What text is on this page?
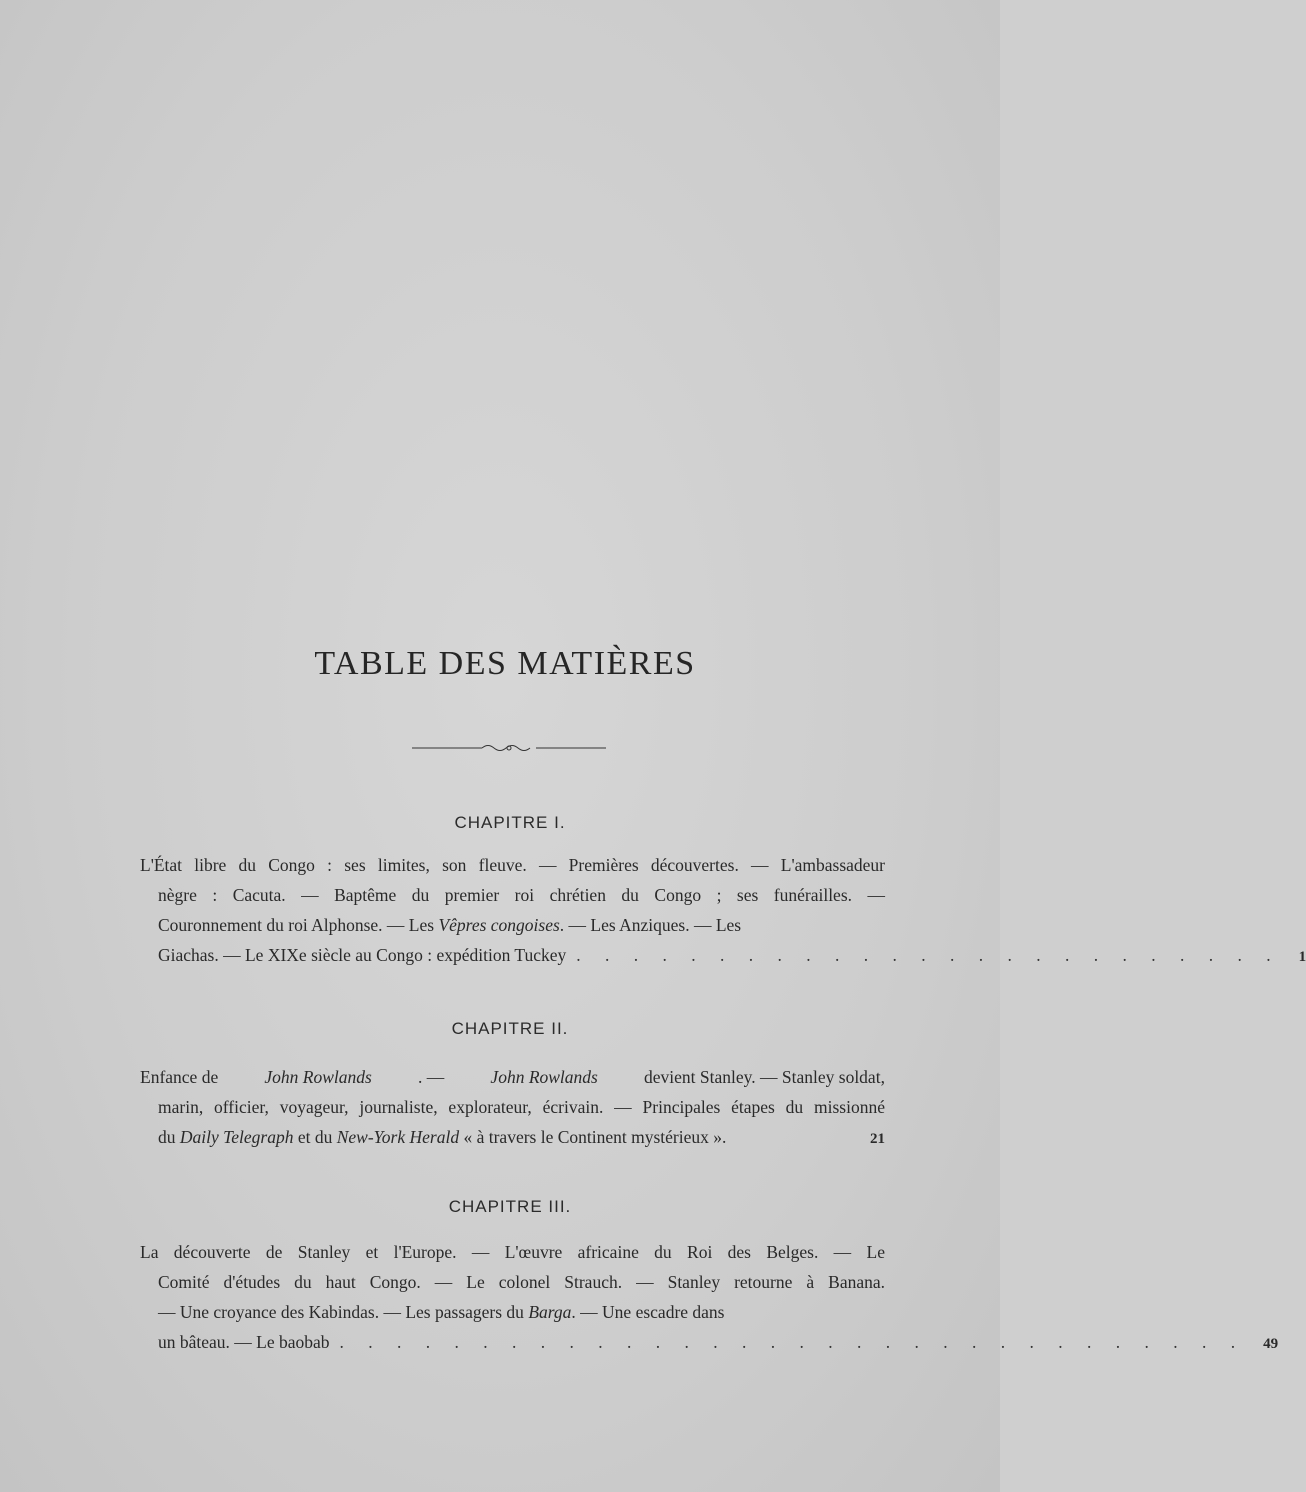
TABLE DES MATIÈRES
CHAPITRE I.
L'État libre du Congo : ses limites, son fleuve. — Premières découvertes. — L'ambassadeur
nègre : Cacuta. — Baptême du premier roi chrétien du Congo ; ses funérailles. —
Couronnement du roi Alphonse. — Les Vêpres congoises. — Les Anziques. — Les
Giachas. — Le XIXe siècle au Congo : expédition Tuckey . . . . . . . . . . . . . . . . . . . . . . . . .	1
CHAPITRE II.
Enfance de	John Rowlands	. —	John Rowlands	devient Stanley. — Stanley soldat,
marin, officier, voyageur, journaliste, explorateur, écrivain. — Principales étapes du missionné
du Daily Telegraph et du New-York Herald « à travers le Continent mystérieux ».	21
CHAPITRE III.
La découverte de Stanley et l'Europe. — L'œuvre africaine du Roi des Belges. — Le
Comité d'études du haut Congo. — Le colonel Strauch. — Stanley retourne à Banana.
— Une croyance des Kabindas. — Les passagers du Barga. — Une escadre dans
un bâteau. — Le baobab . . . . . . . . . . . . . . . . . . . . . . . . . . . . . . . .	49
